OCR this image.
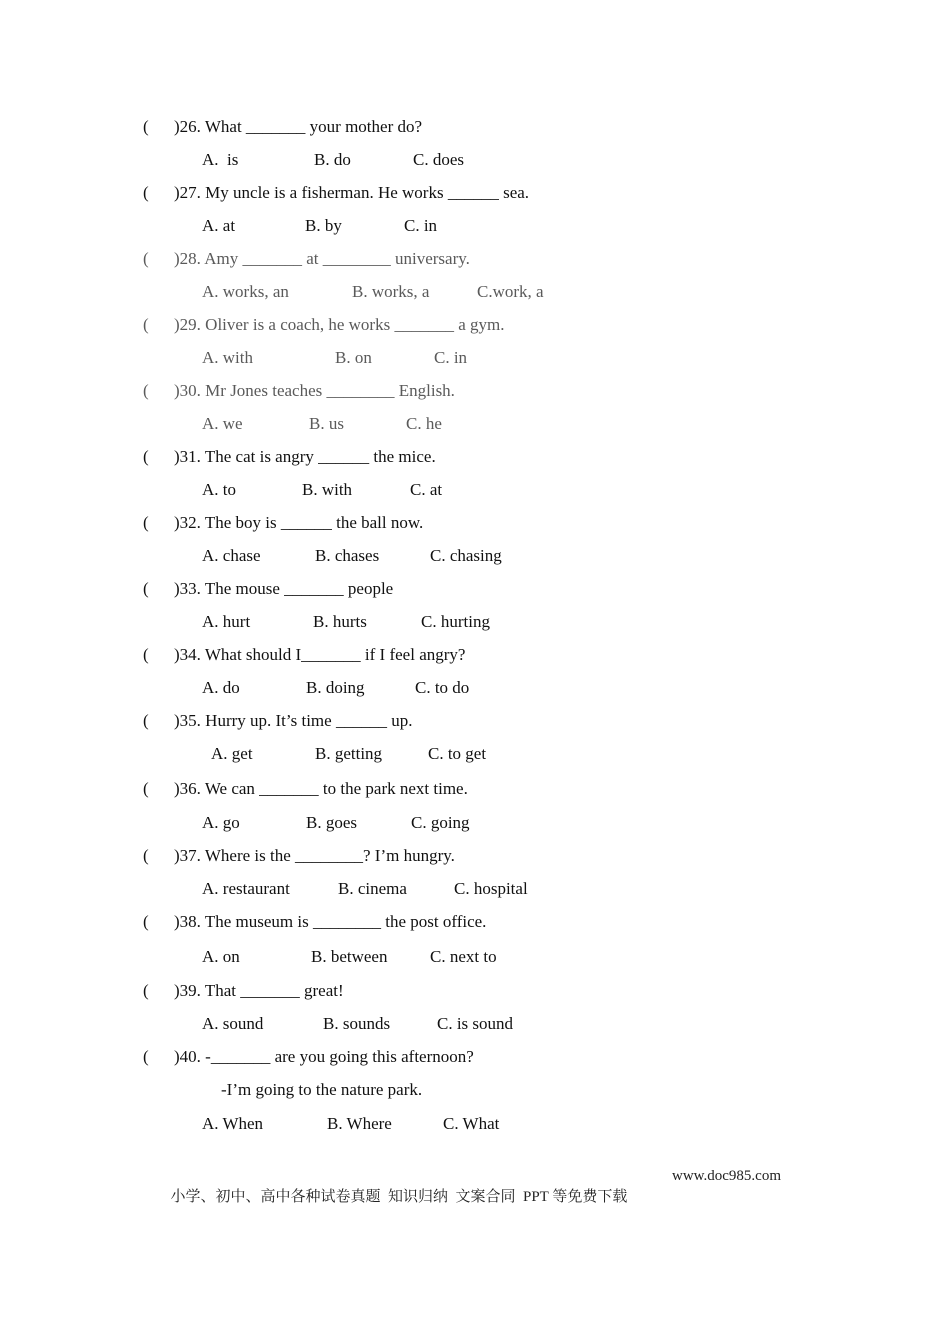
( )26. What _______ your mother do?
A.  is	B. do	C. does
( )27. My uncle is a fisherman. He works ______ sea.
A. at	B. by	C. in
( )28. Amy _______ at ________ universary.
A. works, an	B. works, a	C.work, a
( )29. Oliver is a coach, he works _______ a gym.
A. with	B. on	C. in
( )30. Mr Jones teaches ________ English.
A. we	B. us	C. he
( )31. The cat is angry ______ the mice.
A. to	B. with	C. at
( )32. The boy is ______ the ball now.
A. chase	B. chases	C. chasing
( )33. The mouse _______ people
A. hurt	B. hurts	C. hurting
( )34. What should I_______ if I feel angry?
A. do	B. doing	C. to do
( )35. Hurry up. It’s time ______ up.
A. get	B. getting	C. to get
( )36. We can _______ to the park next time.
A. go	B. goes	C. going
( )37. Where is the ________? I’m hungry.
A. restaurant	B. cinema	C. hospital
( )38. The museum is ________ the post office.
A. on	B. between	C. next to
( )39. That _______ great!
A. sound	B. sounds	C. is sound
( )40. -_______ are you going this afternoon?
-I’m going to the nature park.
A. When	B. Where	C. What

小学、初中、高中各种试卷真题  知识归纳  文案合同  PPT 等免费下载

www.doc985.com
